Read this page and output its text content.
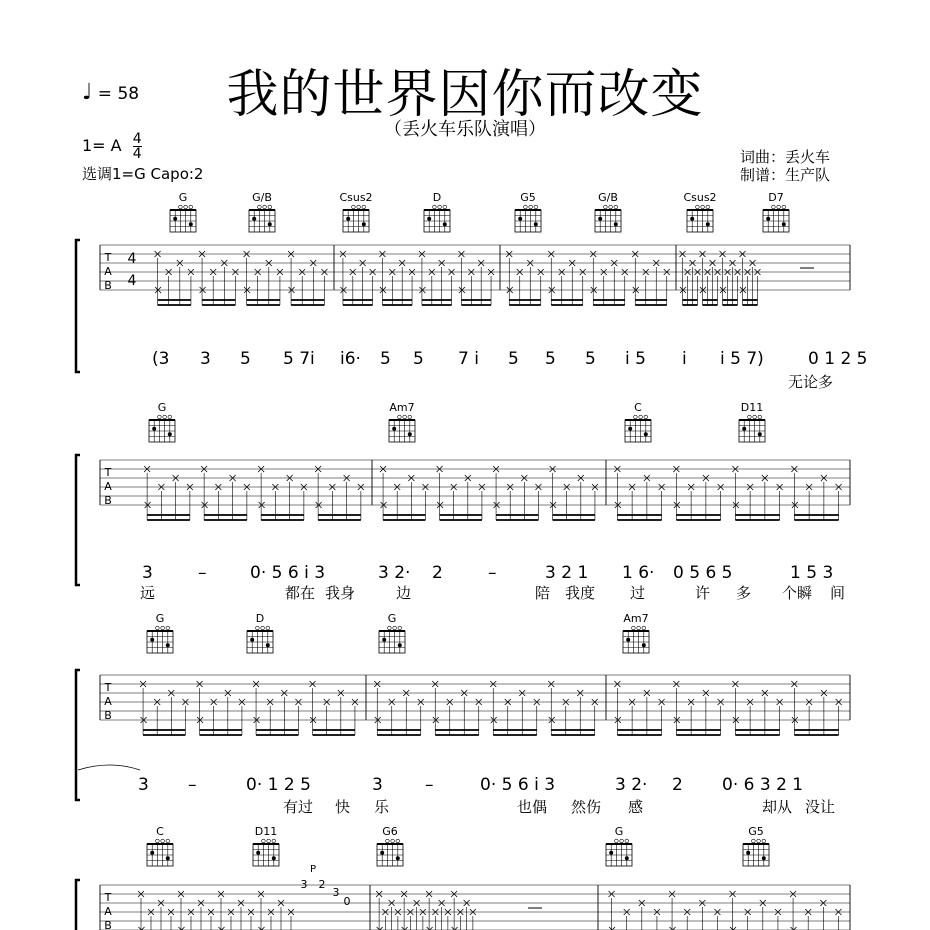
我的世界因你而改变
（丢火车乐队演唱）
♩ = 58
1= A $\frac{4}{4}$
选调1=G Capo:2
词曲：丢火车
制谱：生产队
G	G/B	Csus2	D	G5	G/B	Csus2	D7
T
A
B
4
4
(3 3 5 5 7i i6· 5 5 7 i 5 5 5 i 5 i i 5 7)	0 1 2 5
无论多
G	Am7	C	D11
T
A
B
3	–	0· 5 6 i 3	3 2· 2	–	3 2 1 1 6· 0 5 6 5	1 5 3
远	都在 我身	边	陪 我度 过	许 多 个瞬 间
G	D	G	Am7
T
A
B
3 –	0· 1 2 5	3 –	0· 5 6 i 3	3 2· 2 0· 6 3 2 1
有过 快 乐	也偶 然伤 感	却从 没让
C	D11	G6	G	G5
T
A
B
P
3 2
3
0
